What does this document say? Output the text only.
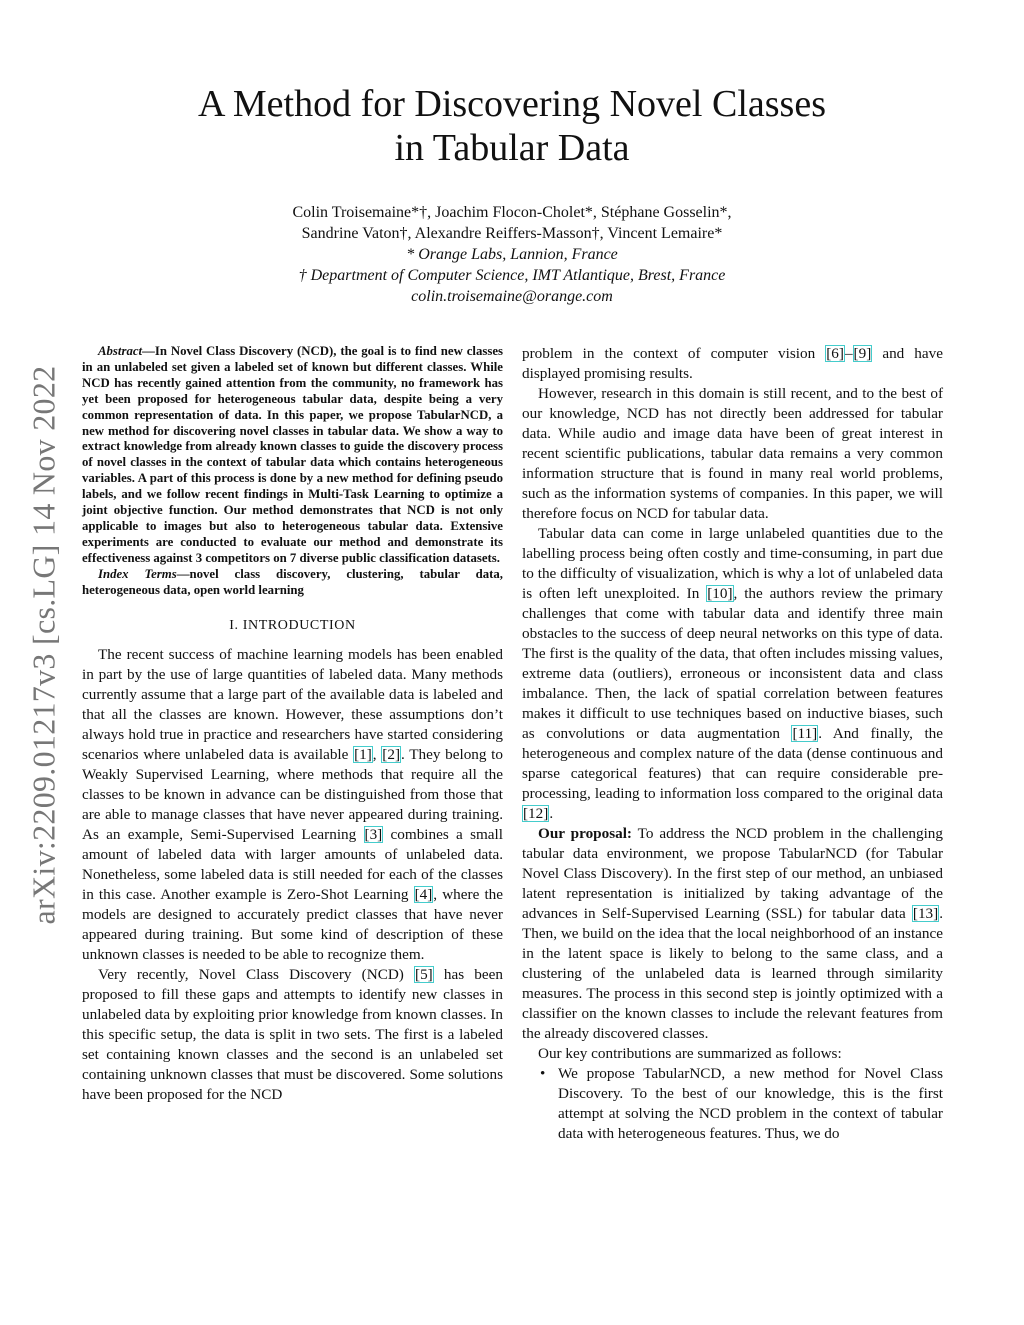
arXiv:2209.01217v3 [cs.LG] 14 Nov 2022
A Method for Discovering Novel Classes
in Tabular Data
Colin Troisemaine*†, Joachim Flocon-Cholet*, Stéphane Gosselin*,
Sandrine Vaton†, Alexandre Reiffers-Masson†, Vincent Lemaire*
* Orange Labs, Lannion, France
† Department of Computer Science, IMT Atlantique, Brest, France
colin.troisemaine@orange.com

Abstract—In Novel Class Discovery (NCD), the goal is to find new classes in an unlabeled set given a labeled set of known but different classes. While NCD has recently gained attention from the community, no framework has yet been proposed for heterogeneous tabular data, despite being a very common representation of data. In this paper, we propose TabularNCD, a new method for discovering novel classes in tabular data. We show a way to extract knowledge from already known classes to guide the discovery process of novel classes in the context of tabular data which contains heterogeneous variables. A part of this process is done by a new method for defining pseudo labels, and we follow recent findings in Multi-Task Learning to optimize a joint objective function. Our method demonstrates that NCD is not only applicable to images but also to heterogeneous tabular data. Extensive experiments are conducted to evaluate our method and demonstrate its effectiveness against 3 competitors on 7 diverse public classification datasets.

Index Terms—novel class discovery, clustering, tabular data, heterogeneous data, open world learning

I. INTRODUCTION

The recent success of machine learning models has been enabled in part by the use of large quantities of labeled data. Many methods currently assume that a large part of the available data is labeled and that all the classes are known. However, these assumptions don’t always hold true in practice and researchers have started considering scenarios where unlabeled data is available [1], [2]. They belong to Weakly Supervised Learning, where methods that require all the classes to be known in advance can be distinguished from those that are able to manage classes that have never appeared during training. As an example, Semi-Supervised Learning [3] combines a small amount of labeled data with larger amounts of unlabeled data. Nonetheless, some labeled data is still needed for each of the classes in this case. Another example is Zero-Shot Learning [4], where the models are designed to accurately predict classes that have never appeared during training. But some kind of description of these unknown classes is needed to be able to recognize them.

Very recently, Novel Class Discovery (NCD) [5] has been proposed to fill these gaps and attempts to identify new classes in unlabeled data by exploiting prior knowledge from known classes. In this specific setup, the data is split in two sets. The first is a labeled set containing known classes and the second is an unlabeled set containing unknown classes that must be discovered. Some solutions have been proposed for the NCD

problem in the context of computer vision [6]–[9] and have displayed promising results.

However, research in this domain is still recent, and to the best of our knowledge, NCD has not directly been addressed for tabular data. While audio and image data have been of great interest in recent scientific publications, tabular data remains a very common information structure that is found in many real world problems, such as the information systems of companies. In this paper, we will therefore focus on NCD for tabular data.

Tabular data can come in large unlabeled quantities due to the labelling process being often costly and time-consuming, in part due to the difficulty of visualization, which is why a lot of unlabeled data is often left unexploited. In [10], the authors review the primary challenges that come with tabular data and identify three main obstacles to the success of deep neural networks on this type of data. The first is the quality of the data, that often includes missing values, extreme data (outliers), erroneous or inconsistent data and class imbalance. Then, the lack of spatial correlation between features makes it difficult to use techniques based on inductive biases, such as convolutions or data augmentation [11]. And finally, the heterogeneous and complex nature of the data (dense continuous and sparse categorical features) that can require considerable pre-processing, leading to information loss compared to the original data [12].

Our proposal: To address the NCD problem in the challenging tabular data environment, we propose TabularNCD (for Tabular Novel Class Discovery). In the first step of our method, an unbiased latent representation is initialized by taking advantage of the advances in Self-Supervised Learning (SSL) for tabular data [13]. Then, we build on the idea that the local neighborhood of an instance in the latent space is likely to belong to the same class, and a clustering of the unlabeled data is learned through similarity measures. The process in this second step is jointly optimized with a classifier on the known classes to include the relevant features from the already discovered classes.

Our key contributions are summarized as follows:

• We propose TabularNCD, a new method for Novel Class Discovery. To the best of our knowledge, this is the first attempt at solving the NCD problem in the context of tabular data with heterogeneous features. Thus, we do
